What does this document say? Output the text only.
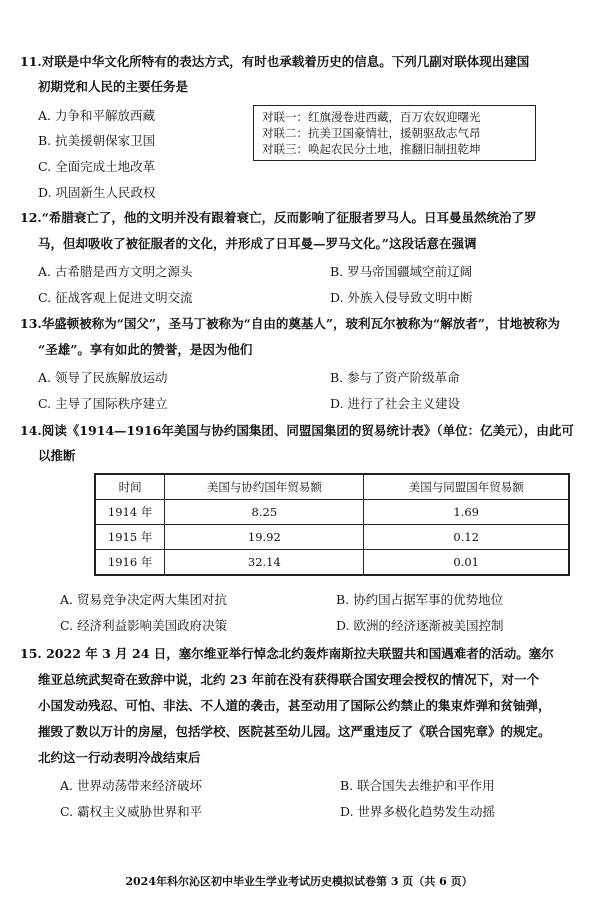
11.对联是中华文化所特有的表达方式，有时也承载着历史的信息。下列几副对联体现出建国
初期党和人民的主要任务是
A. 力争和平解放西藏
B. 抗美援朝保家卫国
C. 全面完成土地改革
D. 巩固新生人民政权
对联一：红旗漫卷进西藏，百万农奴迎曙光
对联二：抗美卫国豪情壮，援朝驱敌志气昂
对联三：唤起农民分土地，推翻旧制扭乾坤
12.“希腊衰亡了，他的文明并没有跟着衰亡，反而影响了征服者罗马人。日耳曼虽然统治了罗
马，但却吸收了被征服者的文化，并形成了日耳曼—罗马文化。”这段话意在强调
A. 古希腊是西方文明之源头	B. 罗马帝国疆域空前辽阔
C. 征战客观上促进文明交流	D. 外族入侵导致文明中断
13.华盛顿被称为“国父”，圣马丁被称为“自由的奠基人”，玻利瓦尔被称为“解放者”，甘地被称为
“圣雄”。享有如此的赞誉，是因为他们
A. 领导了民族解放运动	B. 参与了资产阶级革命
C. 主导了国际秩序建立	D. 进行了社会主义建设
14.阅读《1914—1916年美国与协约国集团、同盟国集团的贸易统计表》（单位：亿美元），由此可
以推断
时间	美国与协约国年贸易额	美国与同盟国年贸易额
1914 年	8.25	1.69
1915 年	19.92	0.12
1916 年	32.14	0.01
A. 贸易竞争决定两大集团对抗	B. 协约国占据军事的优势地位
C. 经济利益影响美国政府决策	D. 欧洲的经济逐渐被美国控制
15. 2022 年 3 月 24 日，塞尔维亚举行悼念北约轰炸南斯拉夫联盟共和国遇难者的活动。塞尔
维亚总统武契奇在致辞中说，北约 23 年前在没有获得联合国安理会授权的情况下，对一个
小国发动残忍、可怕、非法、不人道的袭击，甚至动用了国际公约禁止的集束炸弹和贫铀弹，
摧毁了数以万计的房屋，包括学校、医院甚至幼儿园。这严重违反了《联合国宪章》的规定。
北约这一行动表明冷战结束后
A. 世界动荡带来经济破坏	B. 联合国失去维护和平作用
C. 霸权主义威胁世界和平	D. 世界多极化趋势发生动摇
2024年科尔沁区初中毕业生学业考试历史模拟试卷第 3 页（共 6 页）
